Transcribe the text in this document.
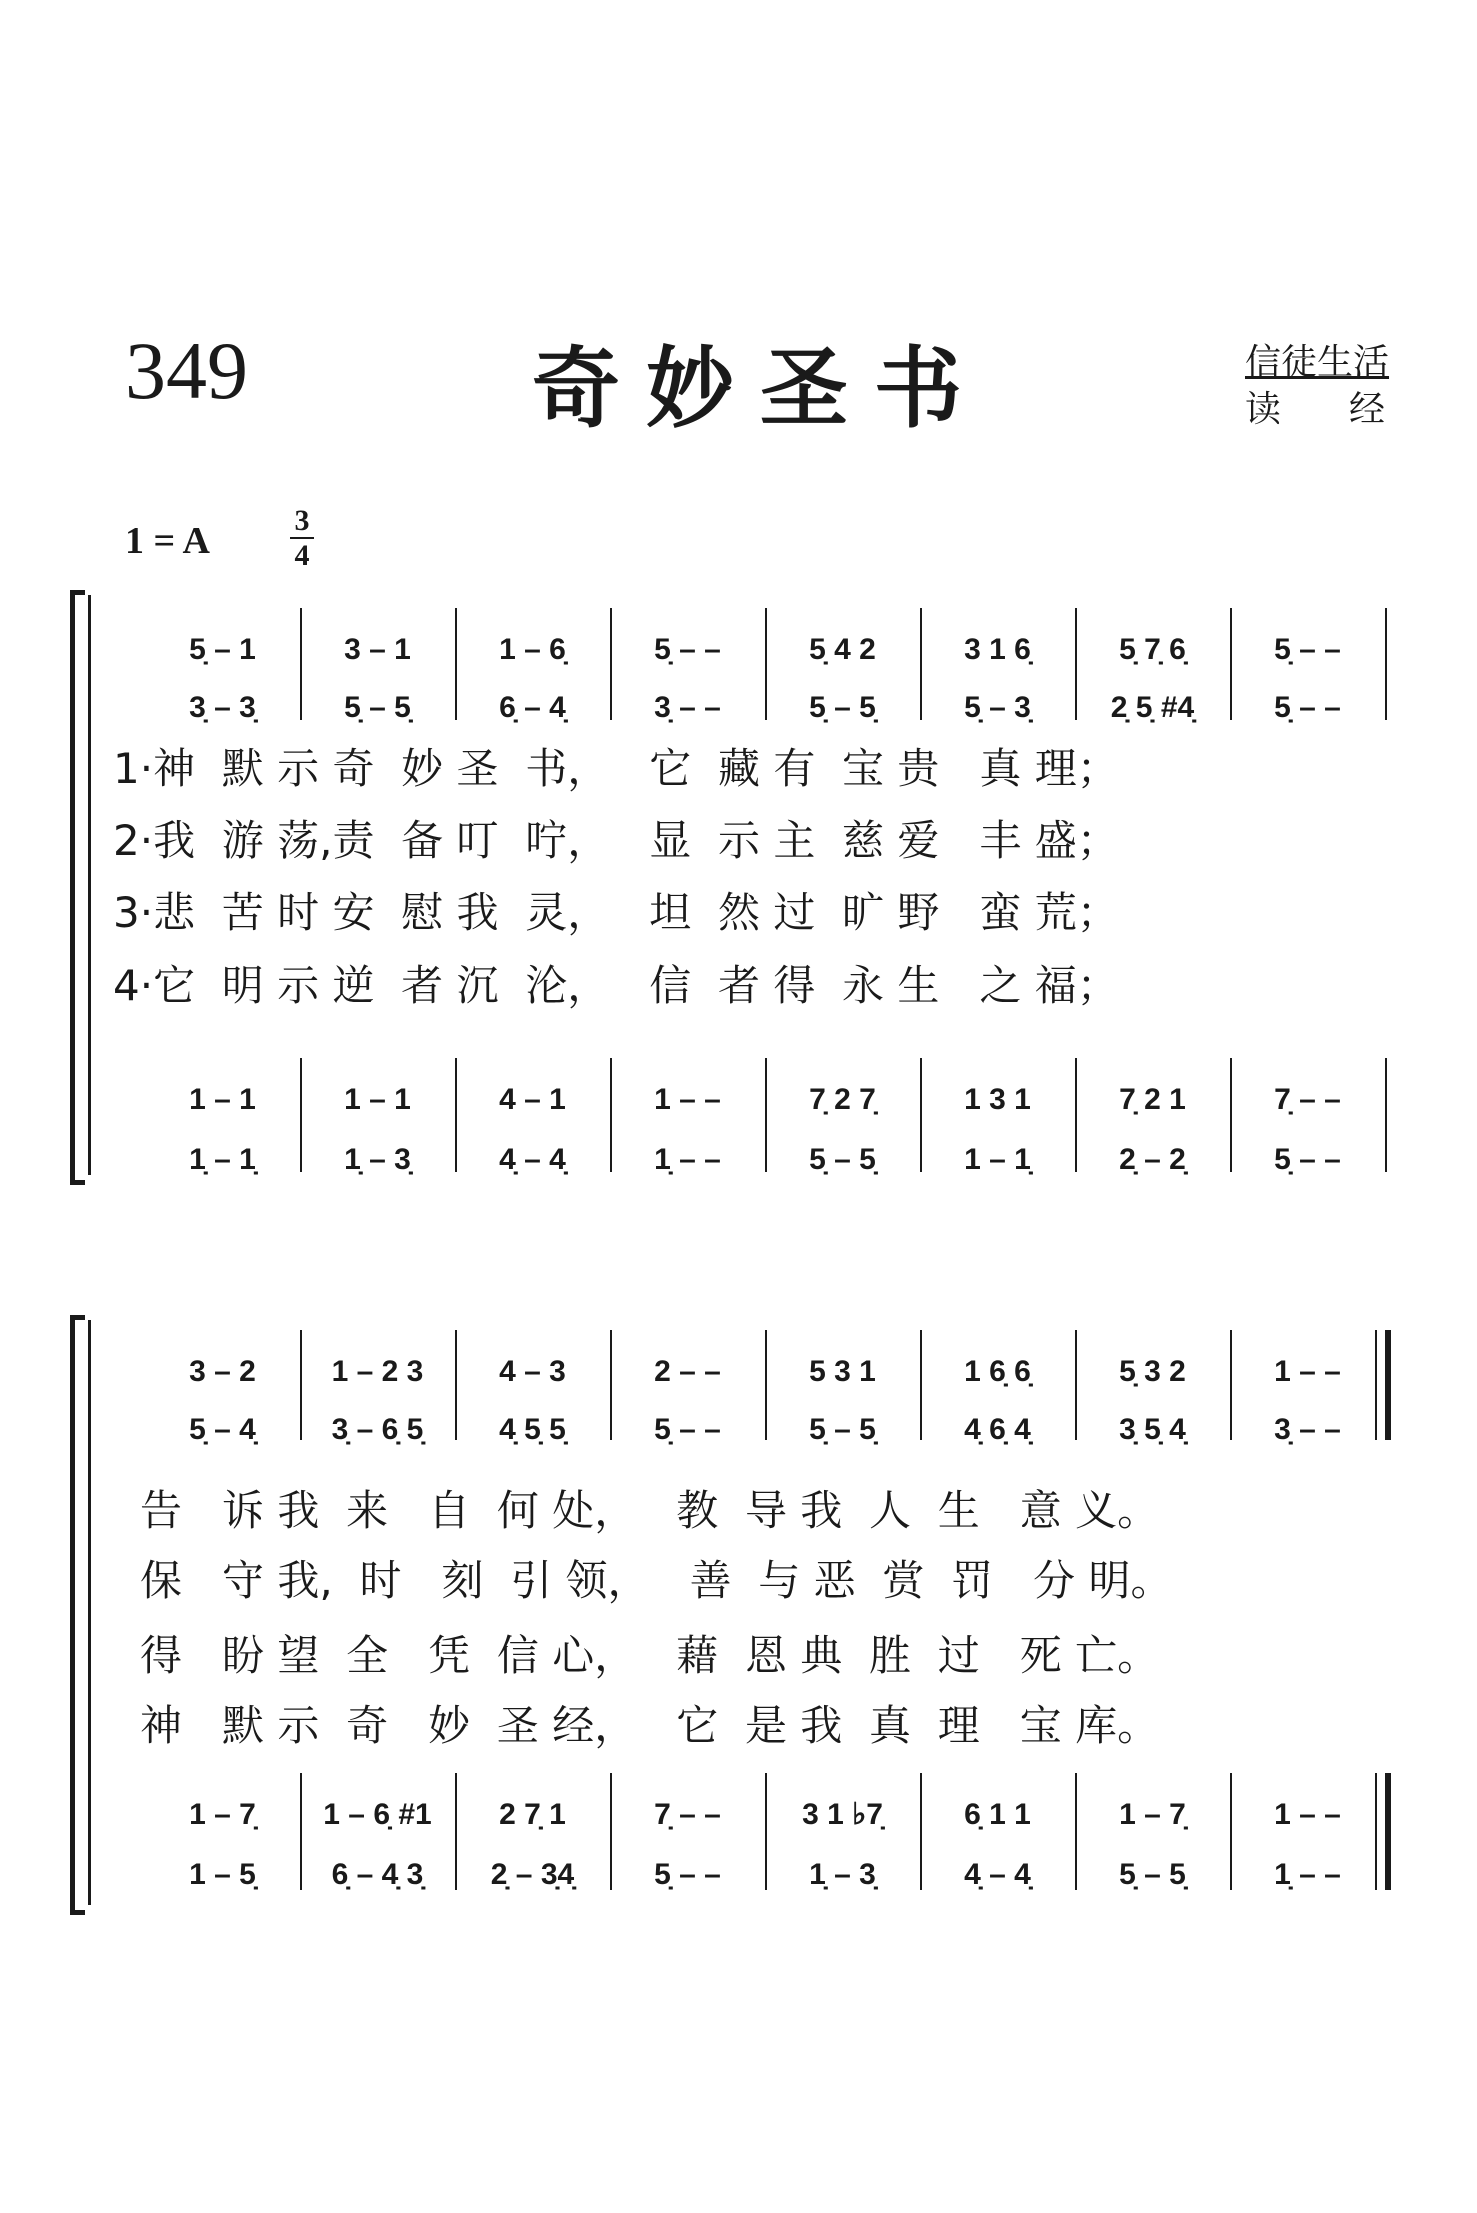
349	奇妙圣书	信徒生活
读 经
1 = A	$\frac{3}{4}$
5̣ – 1	3 – 1	1 – 6̣	5̣ – –	5̣ 4 2	3 1 6̣	5̣ 7̣ 6̣	5̣ – –
3̣ – 3̣	5̣ – 5̣	6̣ – 4̣	3̣ – –	5̣ – 5̣	5̣ – 3̣	2̣ 5̣ #4̣	5̣ – –
1 – 1	1 – 1	4 – 1	1 – –	7̣ 2 7̣	1 3 1	7̣ 2 1	7̣ – –
1̣ – 1̣	1̣ – 3̣	4̣ – 4̣	1̣ – –	5̣ – 5̣	1 – 1̣	2̣ – 2̣	5̣ – –
1·神  默 示 奇  妙 圣  书，   它  藏 有  宝 贵   真 理；
2·我  游 荡,责  备 叮  咛，   显  示 主  慈 爱   丰 盛；
3·悲  苦 时 安  慰 我  灵，   坦  然 过  旷 野   蛮 荒；
4·它  明 示 逆  者 沉  沦，   信  者 得  永 生   之 福；
3 – 2	1 – 2 3	4 – 3	2 – –	5 3 1	1 6̣ 6̣	5̣ 3 2	1 – –
5̣ – 4̣	3̣ – 6̣ 5̣	4̣ 5̣ 5̣	5̣ – –	5̣ – 5̣	4̣ 6̣ 4̣	3̣ 5̣ 4̣	3̣ – –
1 – 7̣	1 – 6̣ #1	2 7̣ 1	7̣ – –	3 1 ♭7̣	6̣ 1 1	1 – 7̣	1 – –
1 – 5̣	6̣ – 4̣ 3̣	2̣ – 3̣4̣	5̣ – –	1̣ – 3̣	4̣ – 4̣	5̣ – 5̣	1̣ – –
告   诉 我  来   自  何 处，   教  导 我  人  生   意 义。
保   守 我,  时   刻  引 领，   善  与 恶  赏  罚   分 明。
得   盼 望  全   凭  信 心，   藉  恩 典  胜  过   死 亡。
神   默 示  奇   妙  圣 经，   它  是 我  真  理   宝 库。
